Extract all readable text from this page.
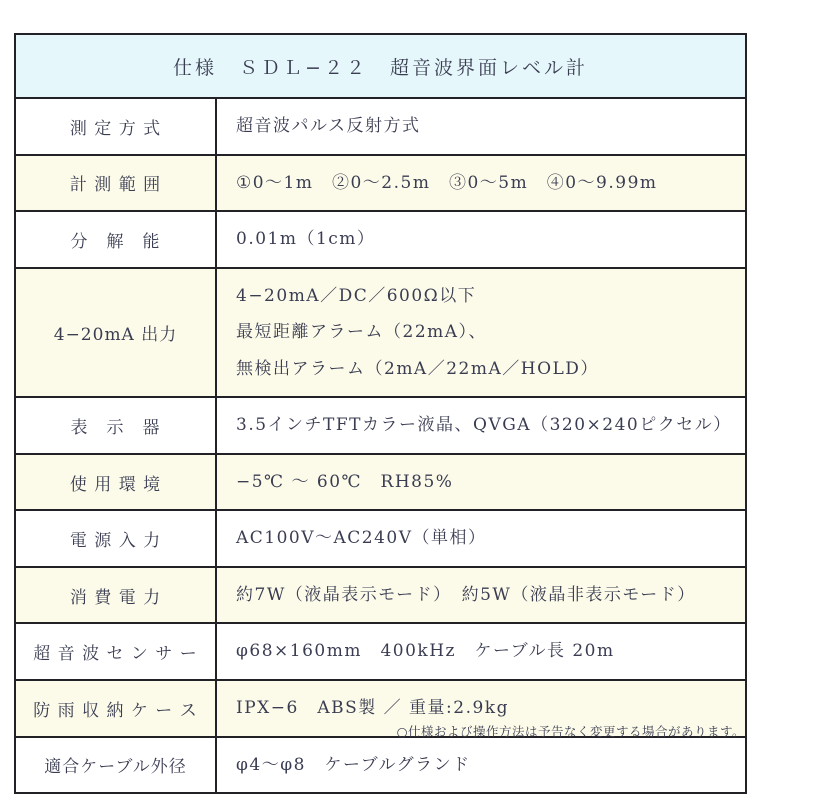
仕様　ＳＤＬ−２２　超音波界面レベル計	
測 定 方 式	超音波パルス反射方式

計 測 範 囲	①0〜1m　②0〜2.5m　③0〜5m　④0〜9.99m

分　解　能	0.01m（1cm）

4−20mA 出力	4−20mA／DC／600Ω以下
最短距離アラーム（22mA）、
無検出アラーム（2mA／22mA／HOLD）

表　示　器	3.5インチTFTカラー液晶、QVGA（320×240ピクセル）

使 用 環 境	−5℃ 〜 60℃　RH85%

電 源 入 力	AC100V〜AC240V（単相）

消 費 電 力	約7W（液晶表示モード）　約5W（液晶非表示モード）

超 音 波 セ ン サ ー	φ68×160mm　400kHz　ケーブル長 20m

防 雨 収 納 ケ ー ス	IPX−6　ABS製 ／ 重量:2.9kg

適合ケーブル外径	φ4〜φ8　ケーブルグランド
○仕様および操作方法は予告なく変更する場合があります。
